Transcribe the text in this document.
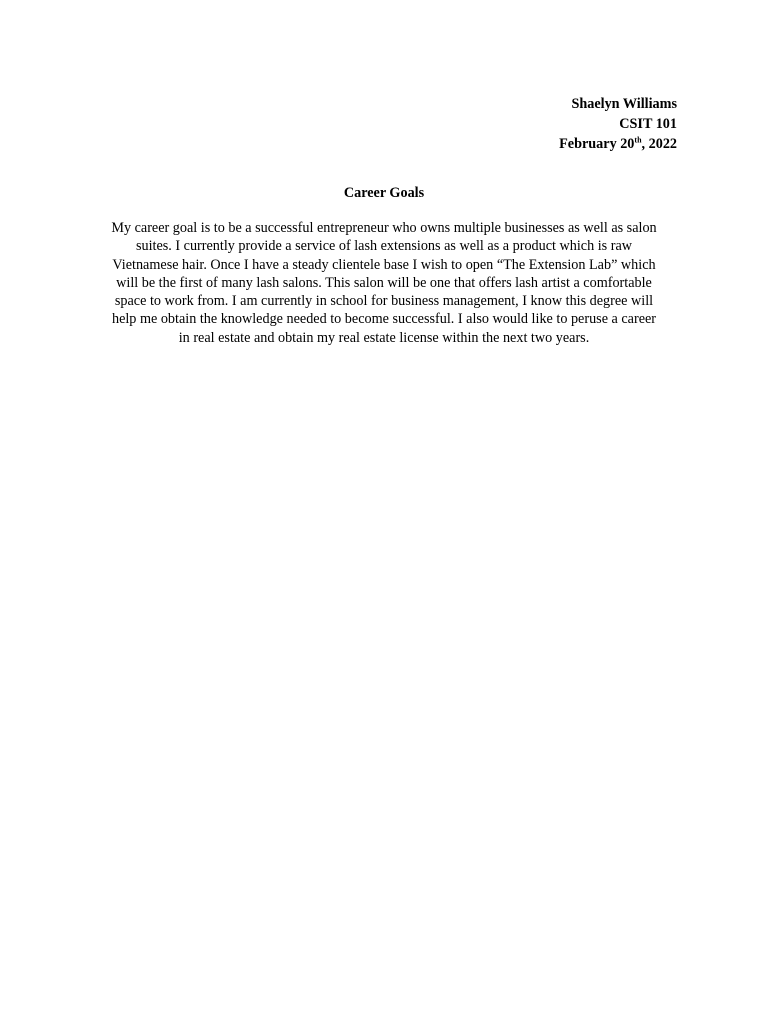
Shaelyn Williams
CSIT 101
February 20th, 2022
Career Goals
My career goal is to be a successful entrepreneur who owns multiple businesses as well as salon
suites. I currently provide a service of lash extensions as well as a product which is raw
Vietnamese hair. Once I have a steady clientele base I wish to open “The Extension Lab” which
will be the first of many lash salons. This salon will be one that offers lash artist a comfortable
space to work from. I am currently in school for business management, I know this degree will
help me obtain the knowledge needed to become successful. I also would like to peruse a career
in real estate and obtain my real estate license within the next two years.
